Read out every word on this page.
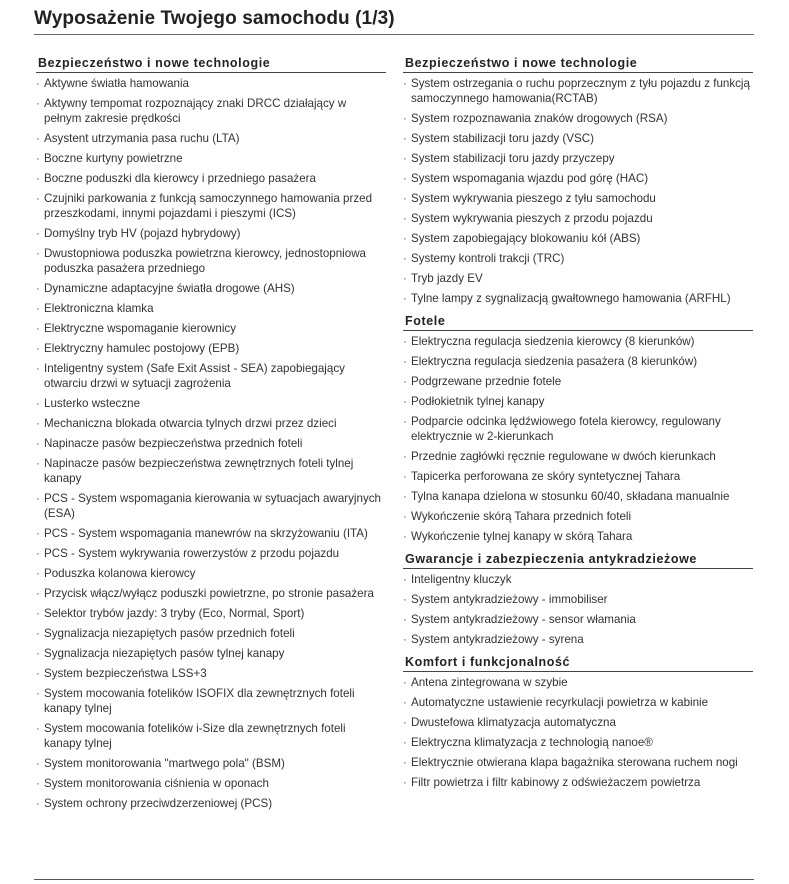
Wyposażenie Twojego samochodu (1/3)
Bezpieczeństwo i nowe technologie
· Aktywne światła hamowania
· Aktywny tempomat rozpoznający znaki DRCC działający w pełnym zakresie prędkości
· Asystent utrzymania pasa ruchu (LTA)
· Boczne kurtyny powietrzne
· Boczne poduszki dla kierowcy i przedniego pasażera
· Czujniki parkowania z funkcją samoczynnego hamowania przed przeszkodami, innymi pojazdami i pieszymi (ICS)
· Domyślny tryb HV (pojazd hybrydowy)
· Dwustopniowa poduszka powietrzna kierowcy, jednostopniowa poduszka pasażera przedniego
· Dynamiczne adaptacyjne światła drogowe (AHS)
· Elektroniczna klamka
· Elektryczne wspomaganie kierownicy
· Elektryczny hamulec postojowy (EPB)
· Inteligentny system (Safe Exit Assist - SEA) zapobiegający otwarciu drzwi w sytuacji zagrożenia
· Lusterko wsteczne
· Mechaniczna blokada otwarcia tylnych drzwi przez dzieci
· Napinacze pasów bezpieczeństwa przednich foteli
· Napinacze pasów bezpieczeństwa zewnętrznych foteli tylnej kanapy
· PCS - System wspomagania kierowania w sytuacjach awaryjnych (ESA)
· PCS - System wspomagania manewrów na skrzyżowaniu (ITA)
· PCS - System wykrywania rowerzystów z przodu pojazdu
· Poduszka kolanowa kierowcy
· Przycisk włącz/wyłącz poduszki powietrzne, po stronie pasażera
· Selektor trybów jazdy: 3 tryby (Eco, Normal, Sport)
· Sygnalizacja niezapiętych pasów przednich foteli
· Sygnalizacja niezapiętych pasów tylnej kanapy
· System bezpieczeństwa LSS+3
· System mocowania fotelików ISOFIX dla zewnętrznych foteli kanapy tylnej
· System mocowania fotelików i-Size dla zewnętrznych foteli kanapy tylnej
· System monitorowania "martwego pola" (BSM)
· System monitorowania ciśnienia w oponach
· System ochrony przeciwdzerzeniowej (PCS)
Bezpieczeństwo i nowe technologie
· System ostrzegania o ruchu poprzecznym z tyłu pojazdu z funkcją samoczynnego hamowania(RCTAB)
· System rozpoznawania znaków drogowych (RSA)
· System stabilizacji toru jazdy (VSC)
· System stabilizacji toru jazdy przyczepy
· System wspomagania wjazdu pod górę (HAC)
· System wykrywania pieszego z tyłu samochodu
· System wykrywania pieszych z przodu pojazdu
· System zapobiegający blokowaniu kół (ABS)
· Systemy kontroli trakcji (TRC)
· Tryb jazdy EV
· Tylne lampy z sygnalizacją gwałtownego hamowania (ARFHL)
Fotele
· Elektryczna regulacja siedzenia kierowcy (8 kierunków)
· Elektryczna regulacja siedzenia pasażera (8 kierunków)
· Podgrzewane przednie fotele
· Podłokietnik tylnej kanapy
· Podparcie odcinka lędźwiowego fotela kierowcy, regulowany elektrycznie w 2-kierunkach
· Przednie zagłówki ręcznie regulowane w dwóch kierunkach
· Tapicerka perforowana ze skóry syntetycznej Tahara
· Tylna kanapa dzielona w stosunku 60/40, składana manualnie
· Wykończenie skórą Tahara przednich foteli
· Wykończenie tylnej kanapy w skórą Tahara
Gwarancje i zabezpieczenia antykradzieżowe
· Inteligentny kluczyk
· System antykradzieżowy - immobiliser
· System antykradzieżowy - sensor włamania
· System antykradzieżowy - syrena
Komfort i funkcjonalność
· Antena zintegrowana w szybie
· Automatyczne ustawienie recyrkulacji powietrza w kabinie
· Dwustefowa klimatyzacja automatyczna
· Elektryczna klimatyzacja z technologią nanoe®
· Elektrycznie otwierana klapa bagażnika sterowana ruchem nogi
· Filtr powietrza i filtr kabinowy z odświeżaczem powietrza
